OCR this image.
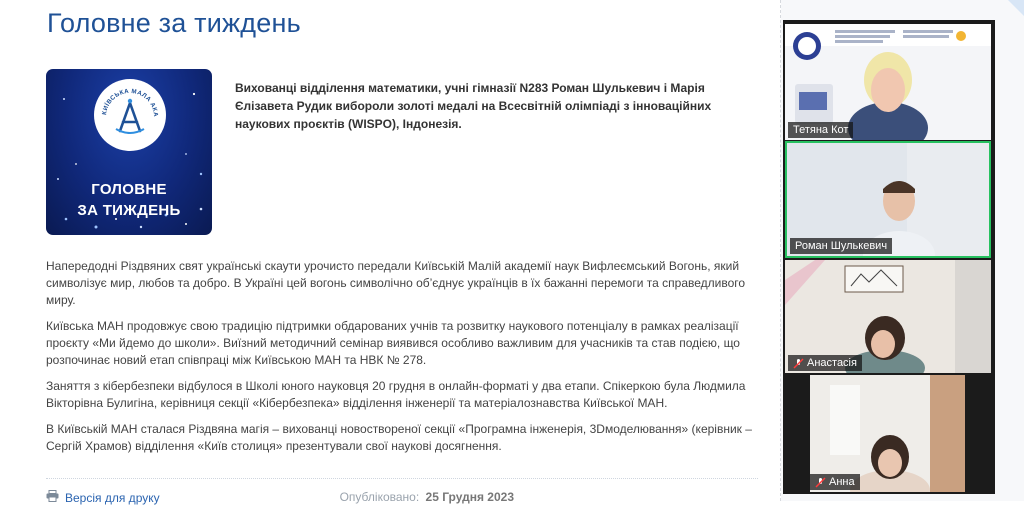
Головне за тиждень
КИЇВСЬКА МАЛА АКА
ГОЛОВНЕ
ЗА ТИЖДЕНЬ

Вихованці відділення математики, учні гімназії N283 Роман Шулькевич і Марія Єлізавета Рудик вибороли золоті медалі на Всесвітній олімпіаді з інноваційних наукових проєктів (WISPO), Індонезія.

Напередодні Різдвяних свят українські скаути урочисто передали Київській Малій академії наук Вифлеємський Вогонь, який символізує мир, любов та добро. В Україні цей вогонь символічно об’єднує українців в їх бажанні перемоги та справедливого миру.

Київська МАН продовжує свою традицію підтримки обдарованих учнів та розвитку наукового потенціалу в рамках реалізації проєкту «Ми йдемо до школи». Виїзний методичний семінар виявився особливо важливим для учасників та став подією, що розпочинає новий етап співпраці між Київською МАН та НВК № 278.

Заняття з кібербезпеки відбулося в Школі юного науковця 20 грудня в онлайн-форматі у два етапи. Спікеркою була Людмила Вікторівна Булигіна, керівниця секції «Кібербезпека» відділення інженерії та матеріалознавства Київської МАН.

В Київській МАН сталася Різдвяна магія – вихованці новоствореної секції «Програмна інженерія, 3Dмоделювання» (керівник – Сергій Храмов) відділення «Київ столиця» презентували свої наукові досягнення.

Версія для друку	Опубліковано: 25 Грудня 2023
Тетяна Кот
Роман Шулькевич
Анастасія
Анна
